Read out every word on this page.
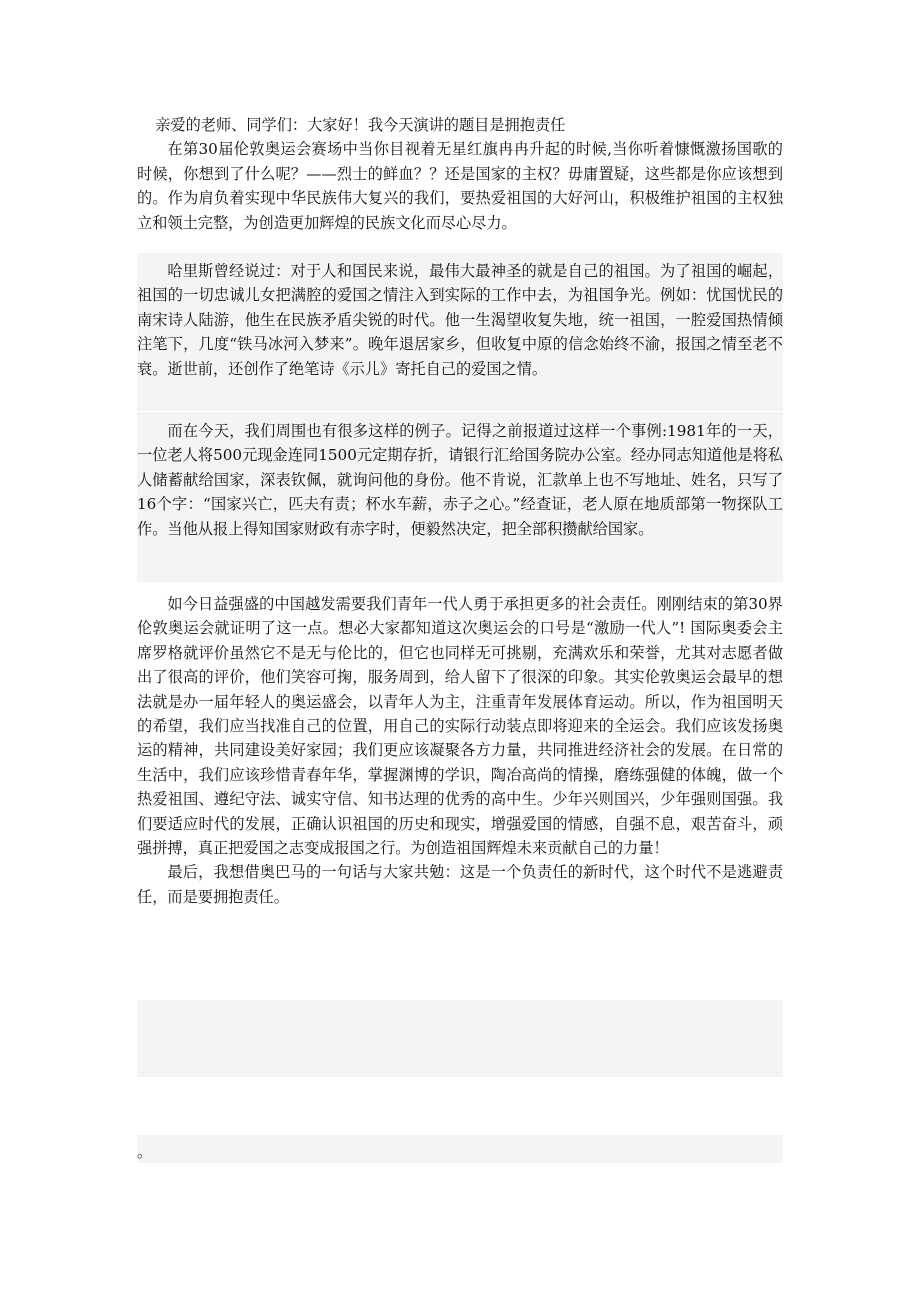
亲爱的老师、同学们：大家好！我今天演讲的题目是拥抱责任

在第30届伦敦奥运会赛场中当你目视着无星红旗冉冉升起的时候,当你听着慷慨激扬国歌的时候，你想到了什么呢？——烈士的鲜血？？还是国家的主权？毋庸置疑，这些都是你应该想到的。作为肩负着实现中华民族伟大复兴的我们，要热爱祖国的大好河山，积极维护祖国的主权独立和领土完整，为创造更加辉煌的民族文化而尽心尽力。

哈里斯曾经说过：对于人和国民来说，最伟大最神圣的就是自己的祖国。为了祖国的崛起，祖国的一切忠诚儿女把满腔的爱国之情注入到实际的工作中去，为祖国争光。例如：忧国忧民的南宋诗人陆游，他生在民族矛盾尖锐的时代。他一生渴望收复失地，统一祖国，一腔爱国热情倾注笔下，几度“铁马冰河入梦来”。晚年退居家乡，但收复中原的信念始终不渝，报国之情至老不衰。逝世前，还创作了绝笔诗《示儿》寄托自己的爱国之情。

而在今天，我们周围也有很多这样的例子。记得之前报道过这样一个事例:1981年的一天，一位老人将500元现金连同1500元定期存折，请银行汇给国务院办公室。经办同志知道他是将私人储蓄献给国家，深表钦佩，就询问他的身份。他不肯说，汇款单上也不写地址、姓名，只写了16个字：“国家兴亡，匹夫有责；杯水车薪，赤子之心。”经查证，老人原在地质部第一物探队工作。当他从报上得知国家财政有赤字时，便毅然决定，把全部积攒献给国家。

如今日益强盛的中国越发需要我们青年一代人勇于承担更多的社会责任。刚刚结束的第30界伦敦奥运会就证明了这一点。想必大家都知道这次奥运会的口号是“激励一代人”! 国际奥委会主席罗格就评价虽然它不是无与伦比的，但它也同样无可挑剔，充满欢乐和荣誉，尤其对志愿者做出了很高的评价，他们笑容可掬，服务周到，给人留下了很深的印象。其实伦敦奥运会最早的想法就是办一届年轻人的奥运盛会，以青年人为主，注重青年发展体育运动。所以，作为祖国明天的希望，我们应当找准自己的位置，用自己的实际行动装点即将迎来的全运会。我们应该发扬奥运的精神，共同建设美好家园；我们更应该凝聚各方力量，共同推进经济社会的发展。在日常的生活中，我们应该珍惜青春年华，掌握渊博的学识，陶冶高尚的情操，磨练强健的体魄，做一个热爱祖国、遵纪守法、诚实守信、知书达理的优秀的高中生。少年兴则国兴，少年强则国强。我们要适应时代的发展，正确认识祖国的历史和现实，增强爱国的情感，自强不息，艰苦奋斗，顽强拼搏，真正把爱国之志变成报国之行。为创造祖国辉煌未来贡献自己的力量！

最后，我想借奥巴马的一句话与大家共勉：这是一个负责任的新时代，这个时代不是逃避责任，而是要拥抱责任。

。
